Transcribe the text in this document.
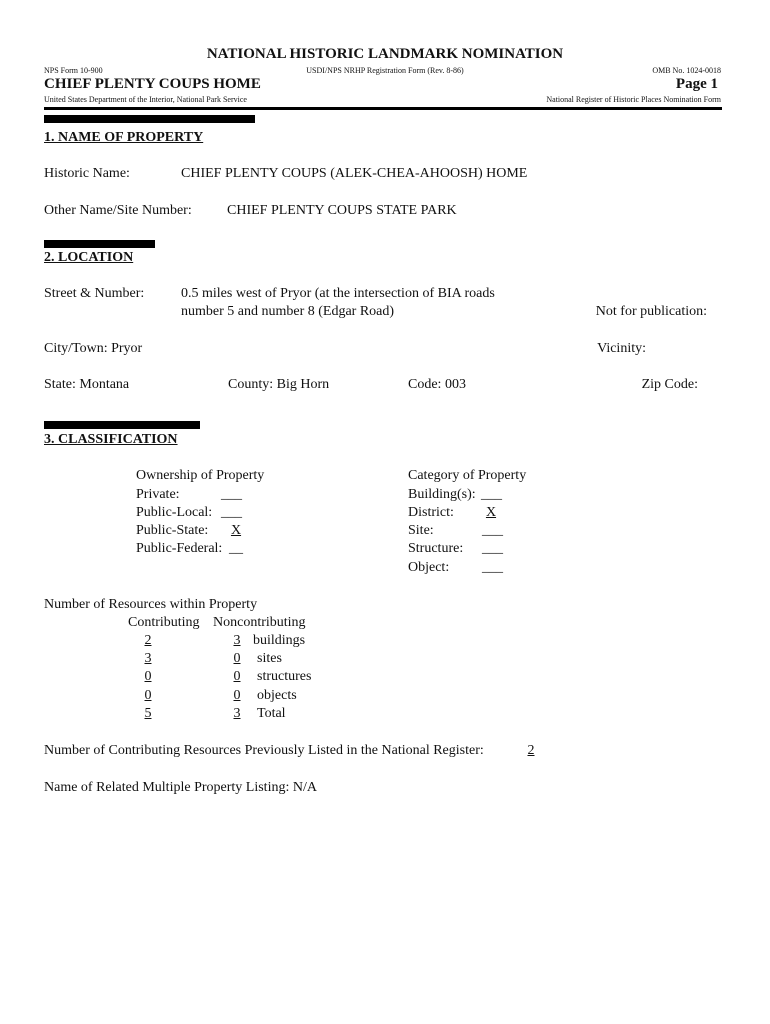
NATIONAL HISTORIC LANDMARK NOMINATION
NPS Form 10-900	USDI/NPS NRHP Registration Form (Rev. 8-86)	OMB No. 1024-0018
CHIEF PLENTY COUPS HOME	Page 1
United States Department of the Interior, National Park Service	National Register of Historic Places Nomination Form
1. NAME OF PROPERTY
Historic Name:	CHIEF PLENTY COUPS (ALEK-CHEA-AHOOSH) HOME
Other Name/Site Number:	CHIEF PLENTY COUPS STATE PARK
2. LOCATION
Street & Number:	0.5 miles west of Pryor (at the intersection of BIA roads
number 5 and number 8 (Edgar Road)	Not for publication:
City/Town: Pryor	Vicinity:
State: Montana	County: Big Horn	Code: 003	Zip Code:
3. CLASSIFICATION
Ownership of Property
Private:	___
Public-Local: ___
Public-State:	X
Public-Federal: __
Category of Property
Building(s): ___
District:	X
Site:	___
Structure: ___
Object: ___
Number of Resources within Property
Contributing Noncontributing
2	3 buildings
3	0	sites
0	0	structures
0	0	objects
5	3	Total
Number of Contributing Resources Previously Listed in the National Register:	2
Name of Related Multiple Property Listing: N/A
